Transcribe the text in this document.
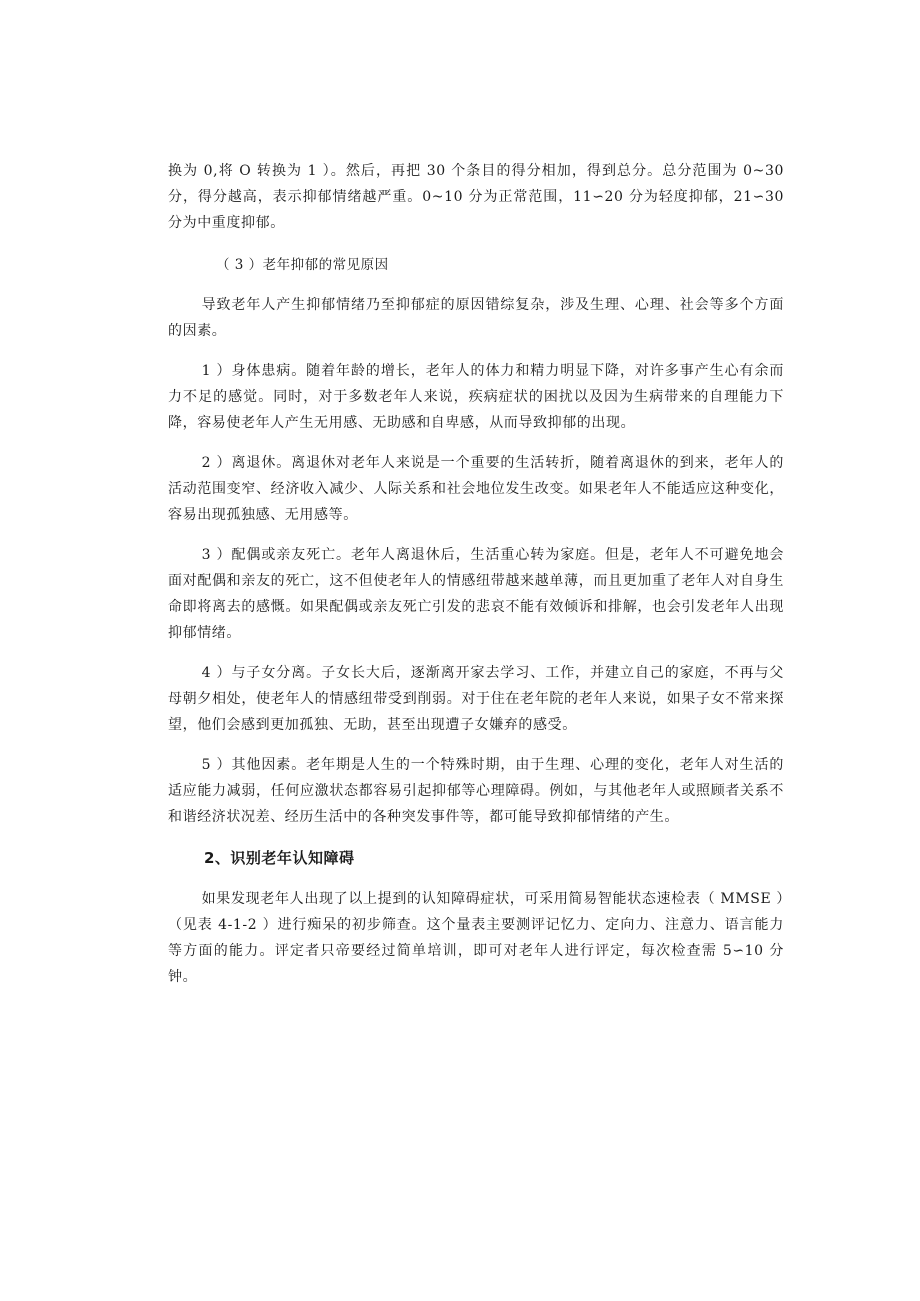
换为 0,将 O 转换为 1 ）。然后，再把 30 个条目的得分相加，得到总分。总分范围为 0~30 分，得分越高，表示抑郁情绪越严重。0~10 分为正常范围，11∽20 分为轻度抑郁，21∽30 分为中重度抑郁。

（ 3 ）老年抑郁的常见原因

导致老年人产生抑郁情绪乃至抑郁症的原因错综复杂，涉及生理、心理、社会等多个方面的因素。

1 ）身体患病。随着年龄的增长，老年人的体力和精力明显下降，对许多事产生心有余而力不足的感觉。同时，对于多数老年人来说，疾病症状的困扰以及因为生病带来的自理能力下降，容易使老年人产生无用感、无助感和自卑感，从而导致抑郁的出现。

2 ）离退休。离退休对老年人来说是一个重要的生活转折，随着离退休的到来，老年人的活动范围变窄、经济收入减少、人际关系和社会地位发生改变。如果老年人不能适应这种变化，容易出现孤独感、无用感等。

3 ）配偶或亲友死亡。老年人离退休后，生活重心转为家庭。但是，老年人不可避免地会面对配偶和亲友的死亡，这不但使老年人的情感纽带越来越单薄，而且更加重了老年人对自身生命即将离去的感慨。如果配偶或亲友死亡引发的悲哀不能有效倾诉和排解，也会引发老年人出现抑郁情绪。

4 ）与子女分离。子女长大后，逐渐离开家去学习、工作，并建立自己的家庭，不再与父母朝夕相处，使老年人的情感纽带受到削弱。对于住在老年院的老年人来说，如果子女不常来探望，他们会感到更加孤独、无助，甚至出现遭子女嫌弃的感受。

5 ）其他因素。老年期是人生的一个特殊时期，由于生理、心理的变化，老年人对生活的适应能力减弱，任何应激状态都容易引起抑郁等心理障碍。例如，与其他老年人或照顾者关系不和谐经济状况差、经历生活中的各种突发事件等，都可能导致抑郁情绪的产生。

2、识别老年认知障碍

如果发现老年人出现了以上提到的认知障碍症状，可采用简易智能状态速检表（ MMSE ）（见表 4-1-2 ）进行痴呆的初步筛查。这个量表主要测评记忆力、定向力、注意力、语言能力等方面的能力。评定者只帝要经过简单培训，即可对老年人进行评定，每次检查需 5∽10 分钟。
